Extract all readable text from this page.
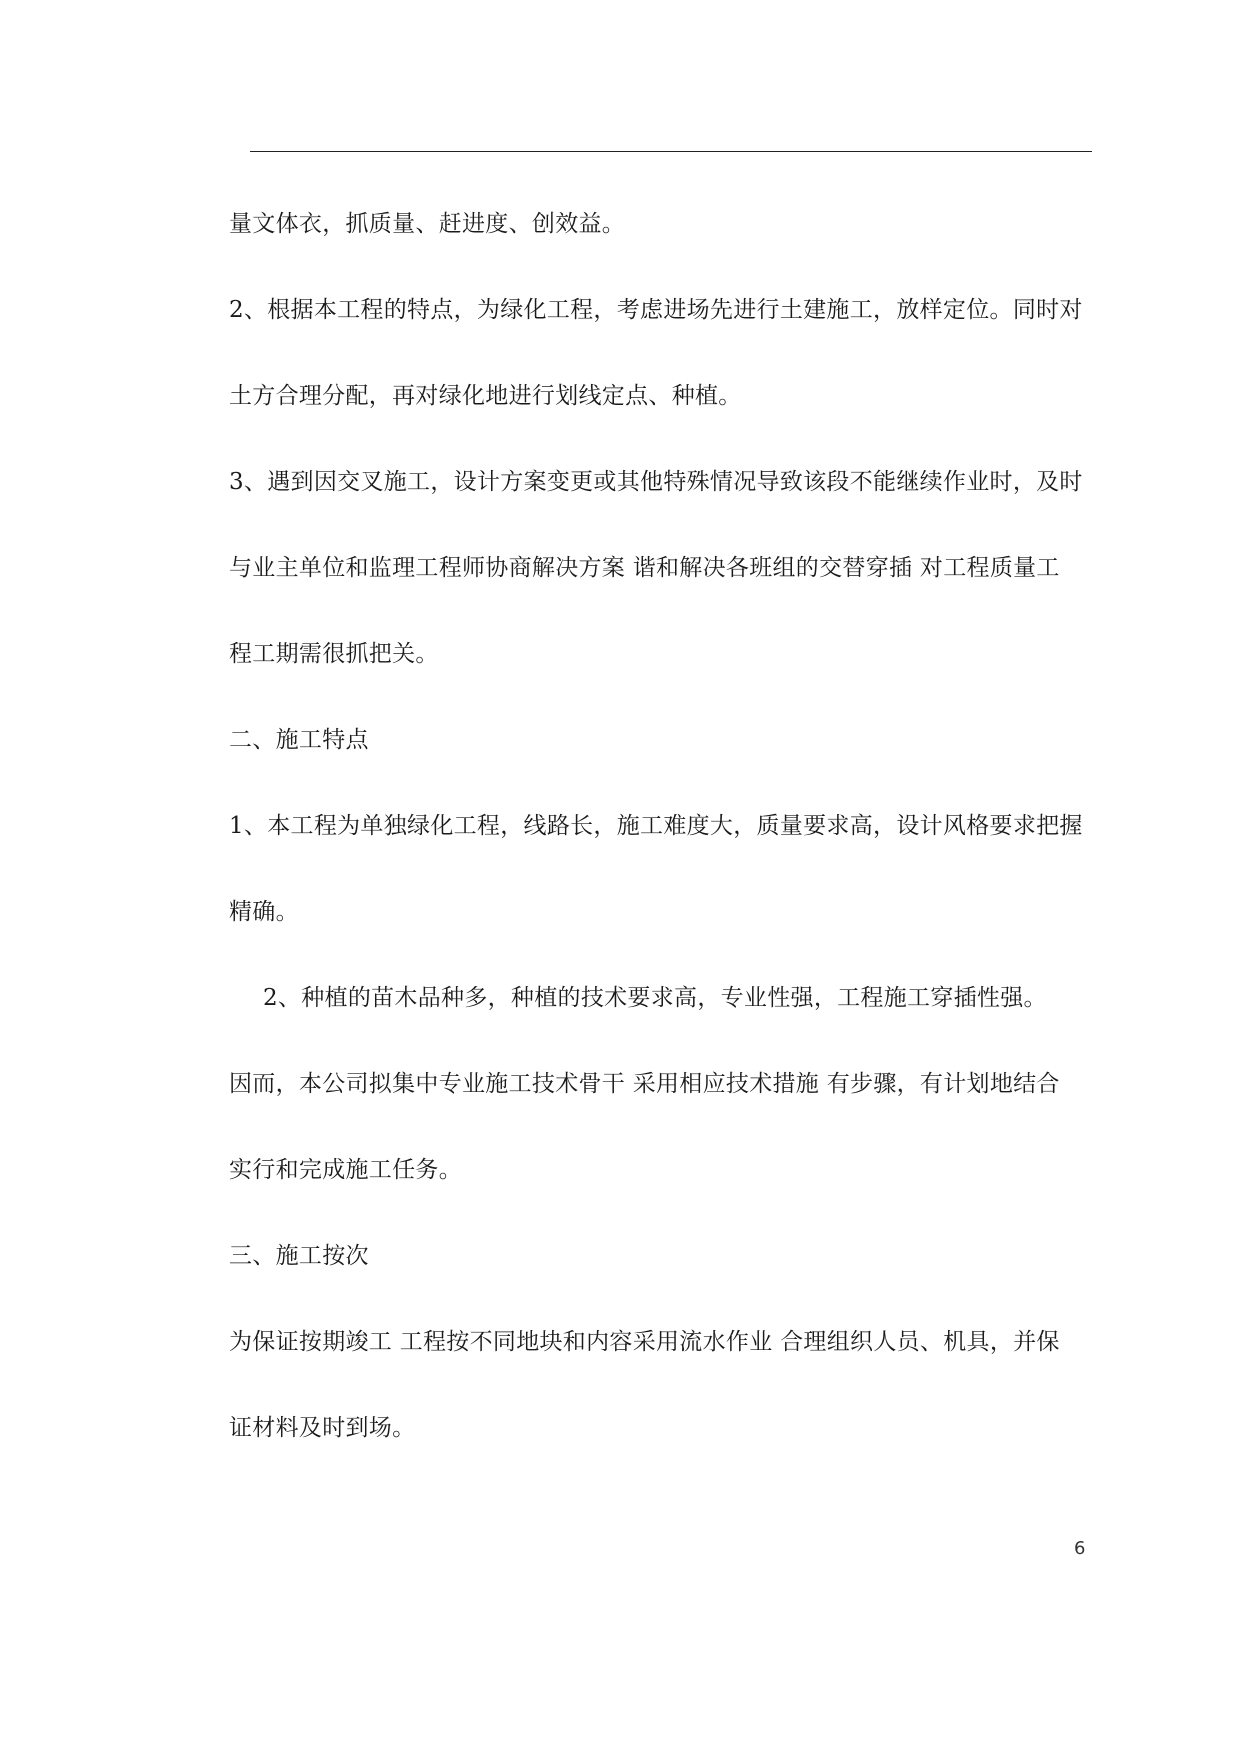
量文体衣，抓质量、赶进度、创效益。
2、根据本工程的特点，为绿化工程，考虑进场先进行土建施工，放样定位。同时对
土方合理分配，再对绿化地进行划线定点、种植。
3、遇到因交叉施工，设计方案变更或其他特殊情况导致该段不能继续作业时，及时
与业主单位和监理工程师协商解决方案 谐和解决各班组的交替穿插 对工程质量工
程工期需很抓把关。
二、施工特点
1、本工程为单独绿化工程，线路长，施工难度大，质量要求高，设计风格要求把握
精确。
2、种植的苗木品种多，种植的技术要求高，专业性强，工程施工穿插性强。
因而，本公司拟集中专业施工技术骨干 采用相应技术措施 有步骤，有计划地结合
实行和完成施工任务。
三、施工按次
为保证按期竣工 工程按不同地块和内容采用流水作业 合理组织人员、机具，并保
证材料及时到场。
6
